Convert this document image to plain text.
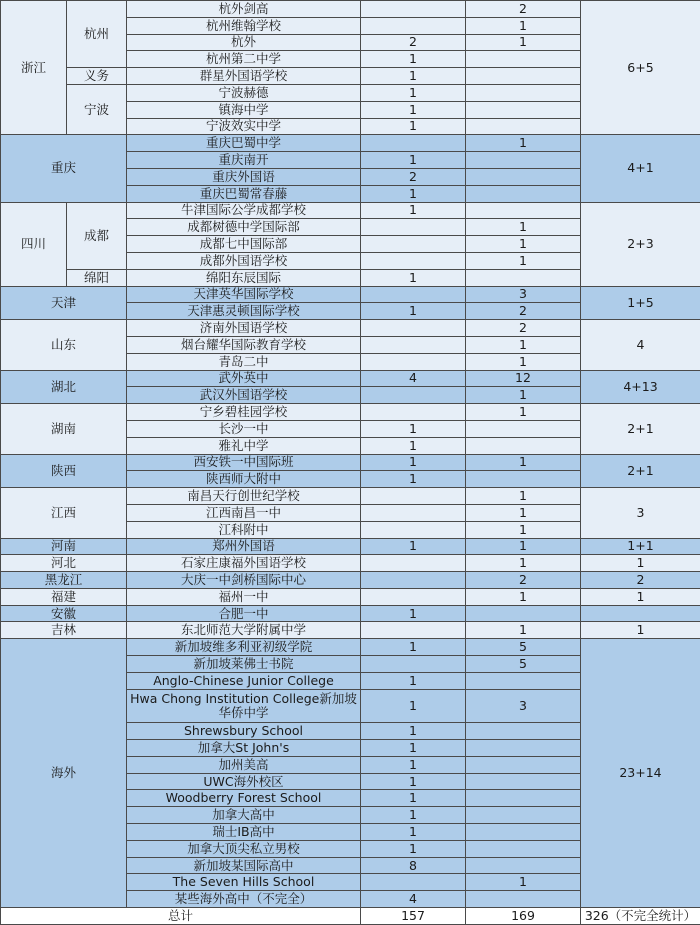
浙江	杭州	杭外剑高		2	6+5
		杭州维翰学校		1	
		杭外	2	1	
		杭州第二中学	1		
	义务	群星外国语学校	1		
	宁波	宁波赫德	1		
		镇海中学	1		
		宁波效实中学	1		
重庆		重庆巴蜀中学		1	4+1
		重庆南开	1		
		重庆外国语	2		
		重庆巴蜀常春藤	1		
四川	成都	牛津国际公学成都学校	1		2+3
		成都树德中学国际部		1	
		成都七中国际部		1	
		成都外国语学校		1	
	绵阳	绵阳东辰国际	1		
天津		天津英华国际学校		3	1+5
		天津惠灵顿国际学校	1	2	
山东		济南外国语学校		2	4
		烟台耀华国际教育学校		1	
		青岛二中		1	
湖北		武外英中	4	12	4+13
		武汉外国语学校		1	
湖南		宁乡碧桂园学校		1	2+1
		长沙一中	1		
		雅礼中学	1		
陕西		西安铁一中国际班	1	1	2+1
		陕西师大附中	1		
江西		南昌天行创世纪学校		1	3
		江西南昌一中		1	
		江科附中		1	
河南		郑州外国语	1	1	1+1
河北		石家庄康福外国语学校		1	1
黑龙江		大庆一中剑桥国际中心		2	2
福建		福州一中		1	1
安徽		合肥一中	1		
吉林		东北师范大学附属中学		1	1
海外		新加坡维多利亚初级学院	1	5	23+14
		新加坡莱佛士书院		5	
		Anglo-Chinese Junior College	1		
		Hwa Chong Institution College新加坡华侨中学	1	3	
		Shrewsbury School	1		
		加拿大St John's	1		
		加州美高	1		
		UWC海外校区	1		
		Woodberry Forest School	1		
		加拿大高中	1		
		瑞士IB高中	1		
		加拿大顶尖私立男校	1		
		新加坡某国际高中	8		
		The Seven Hills School		1	
		某些海外高中（不完全）	4		
总计			157	169	326（不完全统计）
